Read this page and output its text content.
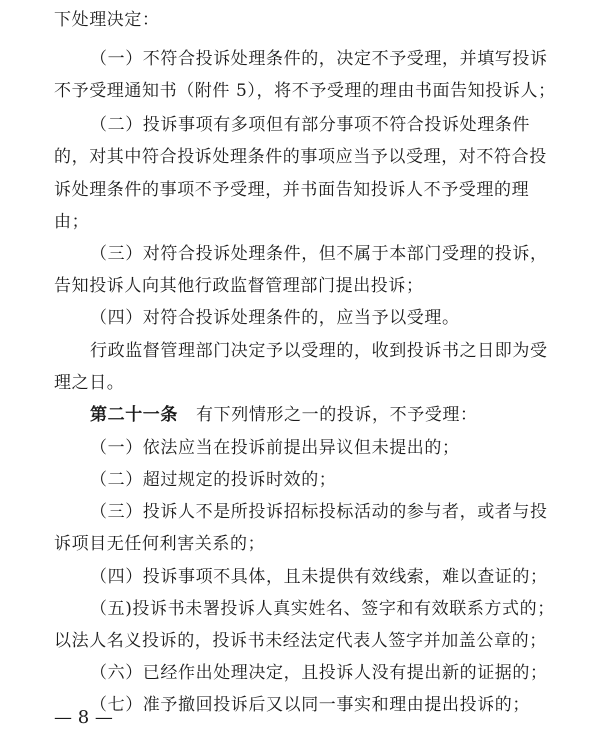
下处理决定：
（一）不符合投诉处理条件的，决定不予受理，并填写投诉
不予受理通知书（附件 5），将不予受理的理由书面告知投诉人；
（二）投诉事项有多项但有部分事项不符合投诉处理条件
的，对其中符合投诉处理条件的事项应当予以受理，对不符合投
诉处理条件的事项不予受理，并书面告知投诉人不予受理的理
由；
（三）对符合投诉处理条件，但不属于本部门受理的投诉，
告知投诉人向其他行政监督管理部门提出投诉；
（四）对符合投诉处理条件的，应当予以受理。
行政监督管理部门决定予以受理的，收到投诉书之日即为受
理之日。
第二十一条 有下列情形之一的投诉，不予受理：
（一）依法应当在投诉前提出异议但未提出的；
（二）超过规定的投诉时效的；
（三）投诉人不是所投诉招标投标活动的参与者，或者与投
诉项目无任何利害关系的；
（四）投诉事项不具体，且未提供有效线索，难以查证的；
（五)投诉书未署投诉人真实姓名、签字和有效联系方式的；
以法人名义投诉的，投诉书未经法定代表人签字并加盖公章的；
（六）已经作出处理决定，且投诉人没有提出新的证据的；
（七）准予撤回投诉后又以同一事实和理由提出投诉的；
— 8 —
